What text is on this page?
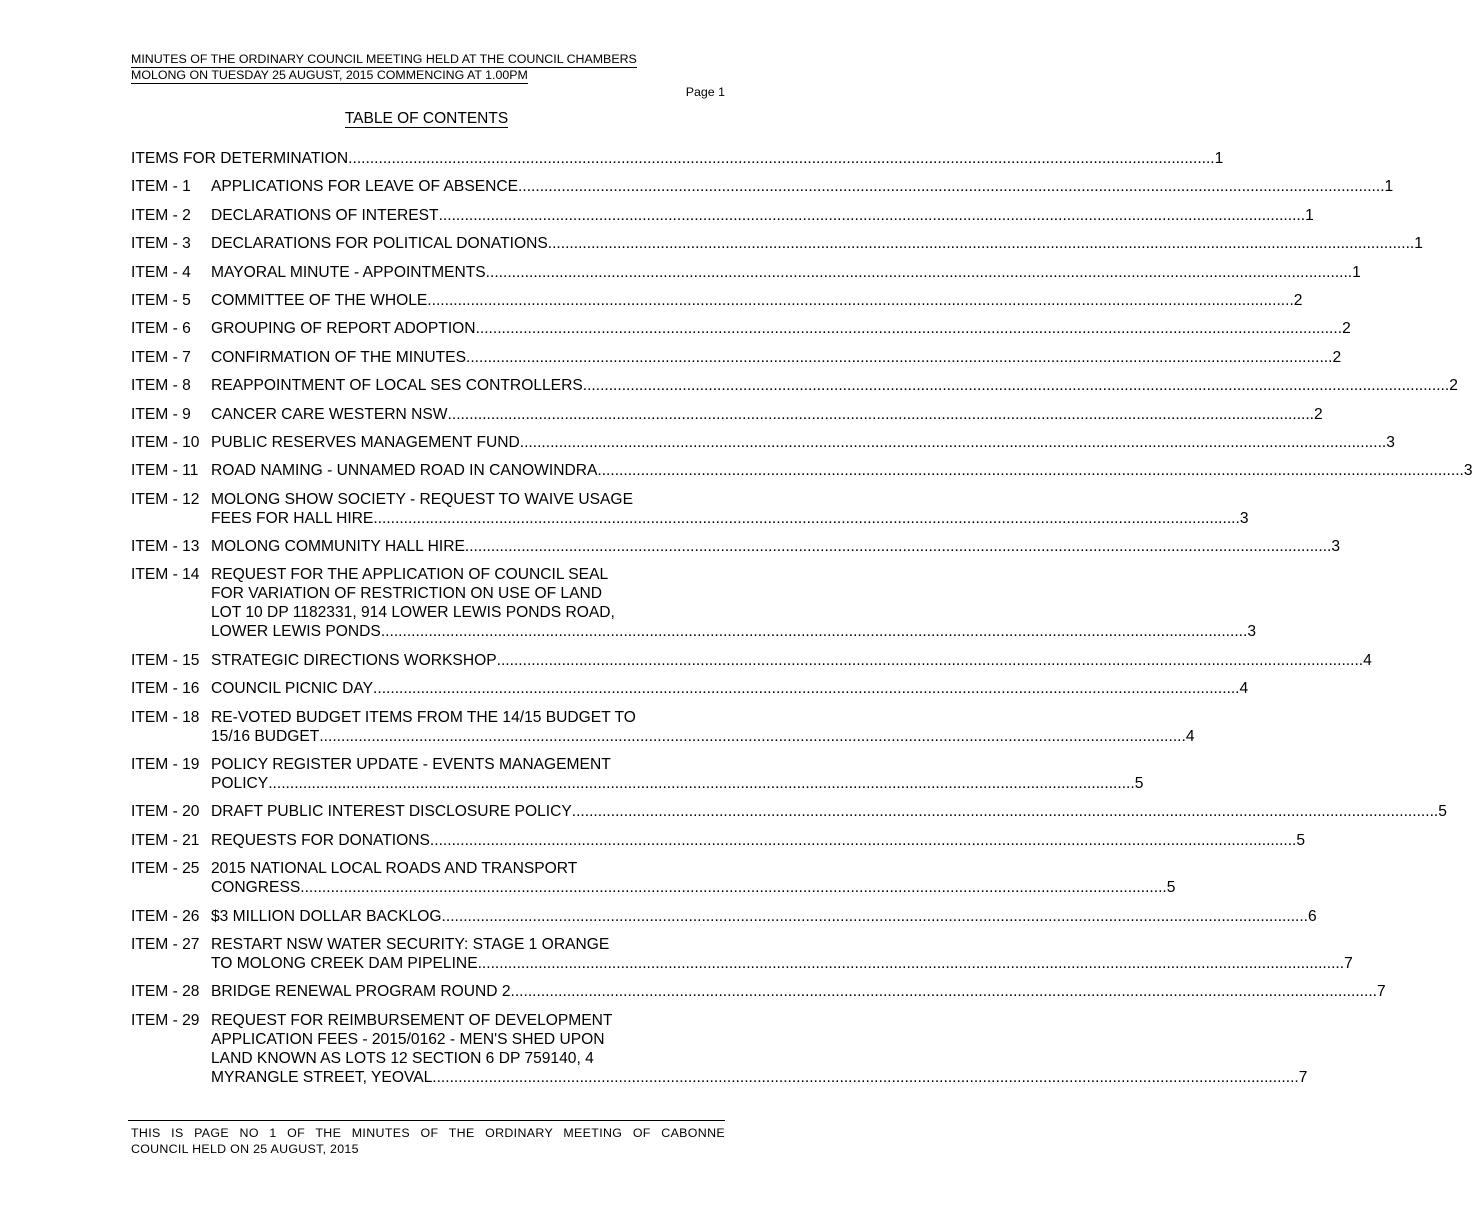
MINUTES OF THE ORDINARY COUNCIL MEETING HELD AT THE COUNCIL CHAMBERS
MOLONG ON TUESDAY 25 AUGUST, 2015 COMMENCING AT 1.00PM
Page 1
TABLE OF CONTENTS
ITEMS FOR DETERMINATION .....	1
ITEM - 1	APPLICATIONS FOR LEAVE OF ABSENCE .....	1
ITEM - 2	DECLARATIONS OF INTEREST .....	1
ITEM - 3	DECLARATIONS FOR POLITICAL DONATIONS .....	1
ITEM - 4	MAYORAL MINUTE - APPOINTMENTS .....	1
ITEM - 5	COMMITTEE OF THE WHOLE .....	2
ITEM - 6	GROUPING OF REPORT ADOPTION .....	2
ITEM - 7	CONFIRMATION OF THE MINUTES .....	2
ITEM - 8	REAPPOINTMENT OF LOCAL SES CONTROLLERS .....	2
ITEM - 9	CANCER CARE WESTERN NSW .....	2
ITEM - 10 PUBLIC RESERVES MANAGEMENT FUND .....	3
ITEM - 11 ROAD NAMING - UNNAMED ROAD IN CANOWINDRA .....	3
ITEM - 12 MOLONG SHOW SOCIETY - REQUEST TO WAIVE USAGE
FEES FOR HALL HIRE .....	3
ITEM - 13 MOLONG COMMUNITY HALL HIRE .....	3
ITEM - 14 REQUEST FOR THE APPLICATION OF COUNCIL SEAL
FOR VARIATION OF RESTRICTION ON USE OF LAND
LOT 10 DP 1182331, 914 LOWER LEWIS PONDS ROAD,
LOWER LEWIS PONDS .....	3
ITEM - 15 STRATEGIC DIRECTIONS WORKSHOP .....	4
ITEM - 16 COUNCIL PICNIC DAY .....	4
ITEM - 18 RE-VOTED BUDGET ITEMS FROM THE 14/15 BUDGET TO
15/16 BUDGET .....	4
ITEM - 19 POLICY REGISTER UPDATE - EVENTS MANAGEMENT
POLICY .....	5
ITEM - 20 DRAFT PUBLIC INTEREST DISCLOSURE POLICY .....	5
ITEM - 21 REQUESTS FOR DONATIONS .....	5
ITEM - 25 2015 NATIONAL LOCAL ROADS AND TRANSPORT
CONGRESS .....	5
ITEM - 26 $3 MILLION DOLLAR BACKLOG .....	6
ITEM - 27 RESTART NSW WATER SECURITY: STAGE 1 ORANGE
TO MOLONG CREEK DAM PIPELINE .....	7
ITEM - 28 BRIDGE RENEWAL PROGRAM ROUND 2 .....	7
ITEM - 29 REQUEST FOR REIMBURSEMENT OF DEVELOPMENT
APPLICATION FEES - 2015/0162 - MEN'S SHED UPON
LAND KNOWN AS LOTS 12 SECTION 6 DP 759140, 4
MYRANGLE STREET, YEOVAL .....	7
THIS IS PAGE NO 1 OF THE MINUTES OF THE ORDINARY MEETING OF CABONNE
COUNCIL HELD ON 25 AUGUST, 2015
